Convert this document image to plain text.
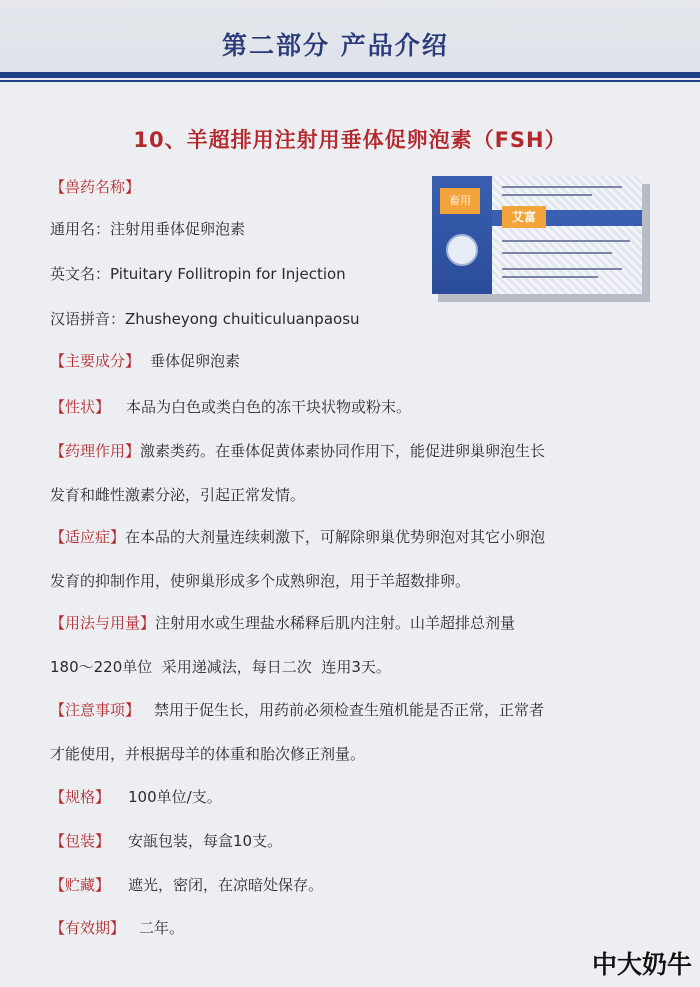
第二部分 产品介绍
10、羊超排用注射用垂体促卵泡素（FSH）
【兽药名称】
通用名：注射用垂体促卵泡素
英文名：Pituitary Follitropin for Injection
汉语拼音：Zhusheyong chuiticuluanpaosu
【主要成分】 垂体促卵泡素
【性状】 本品为白色或类白色的冻干块状物或粉末。
【药理作用】激素类药。在垂体促黄体素协同作用下，能促进卵巢卵泡生长
发育和雌性激素分泌，引起正常发情。
【适应症】在本品的大剂量连续刺激下，可解除卵巢优势卵泡对其它小卵泡
发育的抑制作用，使卵巢形成多个成熟卵泡，用于羊超数排卵。
【用法与用量】注射用水或生理盐水稀释后肌内注射。山羊超排总剂量
180～220单位  采用递减法，每日二次  连用3天。
【注意事项】 禁用于促生长，用药前必须检查生殖机能是否正常，正常者
才能使用，并根据母羊的体重和胎次修正剂量。
【规格】 100单位/支。
【包装】 安瓿包装，每盒10支。
【贮藏】 遮光，密闭，在凉暗处保存。
【有效期】 二年。
畜用
艾富
中大奶牛
